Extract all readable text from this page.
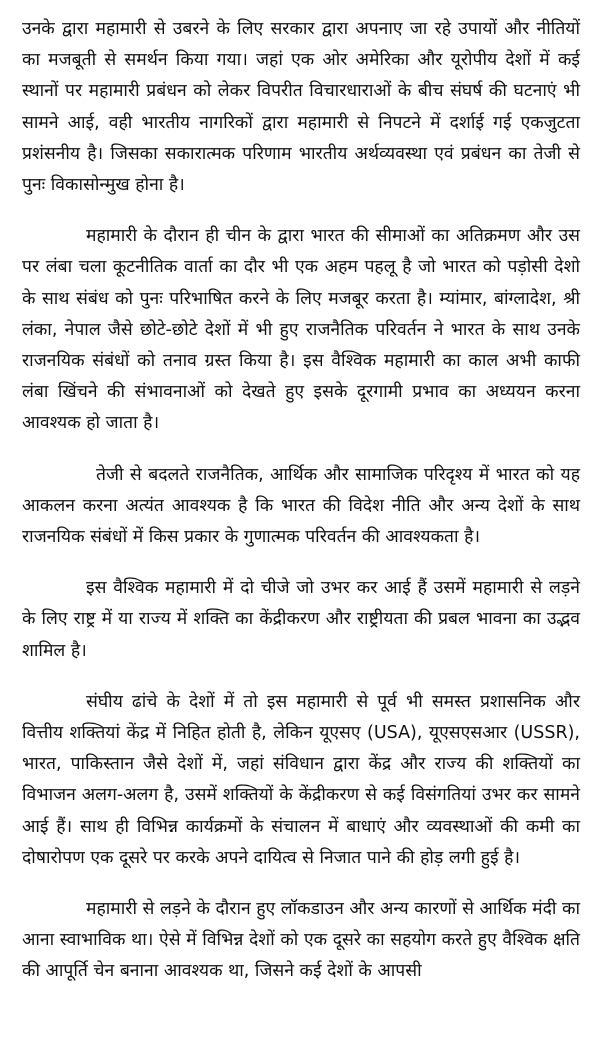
उनके द्वारा महामारी से उबरने के लिए सरकार द्वारा अपनाए जा रहे उपायों और नीतियों का मजबूती से समर्थन किया गया। जहां एक ओर अमेरिका और यूरोपीय देशों में कई स्थानों पर महामारी प्रबंधन को लेकर विपरीत विचारधाराओं के बीच संघर्ष की घटनाएं भी सामने आई, वही भारतीय नागरिकों द्वारा महामारी से निपटने में दर्शाई गई एकजुटता प्रशंसनीय है। जिसका सकारात्मक परिणाम भारतीय अर्थव्यवस्था एवं प्रबंधन का तेजी से पुनः विकासोन्मुख होना है।

महामारी के दौरान ही चीन के द्वारा भारत की सीमाओं का अतिक्रमण और उस पर लंबा चला कूटनीतिक वार्ता का दौर भी एक अहम पहलू है जो भारत को पड़ोसी देशो के साथ संबंध को पुनः परिभाषित करने के लिए मजबूर करता है। म्यांमार, बांग्लादेश, श्री लंका, नेपाल जैसे छोटे-छोटे देशों में भी हुए राजनैतिक परिवर्तन ने भारत के साथ उनके राजनयिक संबंधों को तनाव ग्रस्त किया है। इस वैश्विक महामारी का काल अभी काफी लंबा खिंचने की संभावनाओं को देखते हुए इसके दूरगामी प्रभाव का अध्ययन करना आवश्यक हो जाता है।

तेजी से बदलते राजनैतिक, आर्थिक और सामाजिक परिदृश्य में भारत को यह आकलन करना अत्यंत आवश्यक है कि भारत की विदेश नीति और अन्य देशों के साथ राजनयिक संबंधों में किस प्रकार के गुणात्मक परिवर्तन की आवश्यकता है।

इस वैश्विक महामारी में दो चीजे जो उभर कर आई हैं उसमें महामारी से लड़ने के लिए राष्ट्र में या राज्य में शक्ति का केंद्रीकरण और राष्ट्रीयता की प्रबल भावना का उद्भव शामिल है।

संघीय ढांचे के देशों में तो इस महामारी से पूर्व भी समस्त प्रशासनिक और वित्तीय शक्तियां केंद्र में निहित होती है, लेकिन यूएसए (USA), यूएसएसआर (USSR), भारत, पाकिस्तान जैसे देशों में, जहां संविधान द्वारा केंद्र और राज्य की शक्तियों का विभाजन अलग-अलग है, उसमें शक्तियों के केंद्रीकरण से कई विसंगतियां उभर कर सामने आई हैं। साथ ही विभिन्न कार्यक्रमों के संचालन में बाधाएं और व्यवस्थाओं की कमी का दोषारोपण एक दूसरे पर करके अपने दायित्व से निजात पाने की होड़ लगी हुई है।

महामारी से लड़ने के दौरान हुए लॉकडाउन और अन्य कारणों से आर्थिक मंदी का आना स्वाभाविक था। ऐसे में विभिन्न देशों को एक दूसरे का सहयोग करते हुए वैश्विक क्षति की आपूर्ति चेन बनाना आवश्यक था, जिसने कई देशों के आपसी
